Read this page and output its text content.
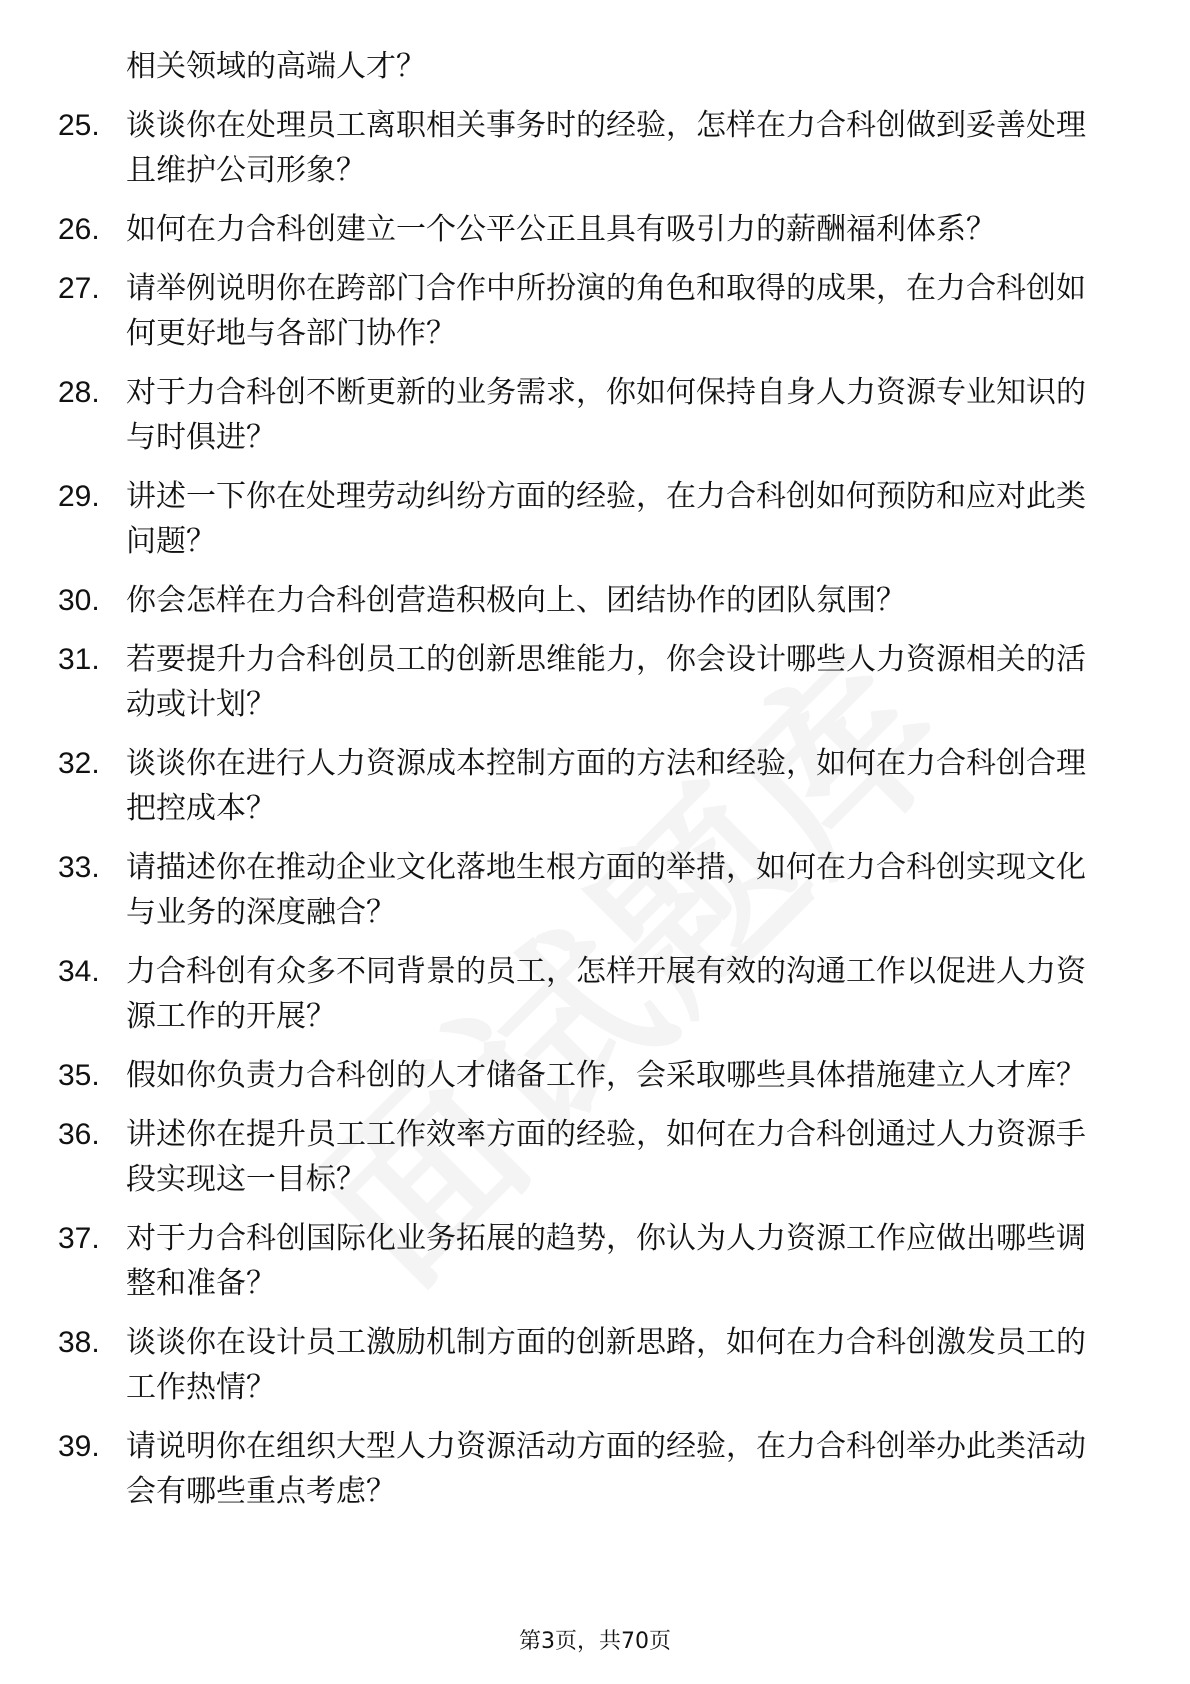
相关领域的高端人才？
25. 谈谈你在处理员工离职相关事务时的经验，怎样在力合科创做到妥善处理且维护公司形象？
26. 如何在力合科创建立一个公平公正且具有吸引力的薪酬福利体系？
27. 请举例说明你在跨部门合作中所扮演的角色和取得的成果，在力合科创如何更好地与各部门协作？
28. 对于力合科创不断更新的业务需求，你如何保持自身人力资源专业知识的与时俱进？
29. 讲述一下你在处理劳动纠纷方面的经验，在力合科创如何预防和应对此类问题？
30. 你会怎样在力合科创营造积极向上、团结协作的团队氛围？
31. 若要提升力合科创员工的创新思维能力，你会设计哪些人力资源相关的活动或计划？
32. 谈谈你在进行人力资源成本控制方面的方法和经验，如何在力合科创合理把控成本？
33. 请描述你在推动企业文化落地生根方面的举措，如何在力合科创实现文化与业务的深度融合？
34. 力合科创有众多不同背景的员工，怎样开展有效的沟通工作以促进人力资源工作的开展？
35. 假如你负责力合科创的人才储备工作，会采取哪些具体措施建立人才库？
36. 讲述你在提升员工工作效率方面的经验，如何在力合科创通过人力资源手段实现这一目标？
37. 对于力合科创国际化业务拓展的趋势，你认为人力资源工作应做出哪些调整和准备？
38. 谈谈你在设计员工激励机制方面的创新思路，如何在力合科创激发员工的工作热情？
39. 请说明你在组织大型人力资源活动方面的经验，在力合科创举办此类活动会有哪些重点考虑？
第3页，共70页
